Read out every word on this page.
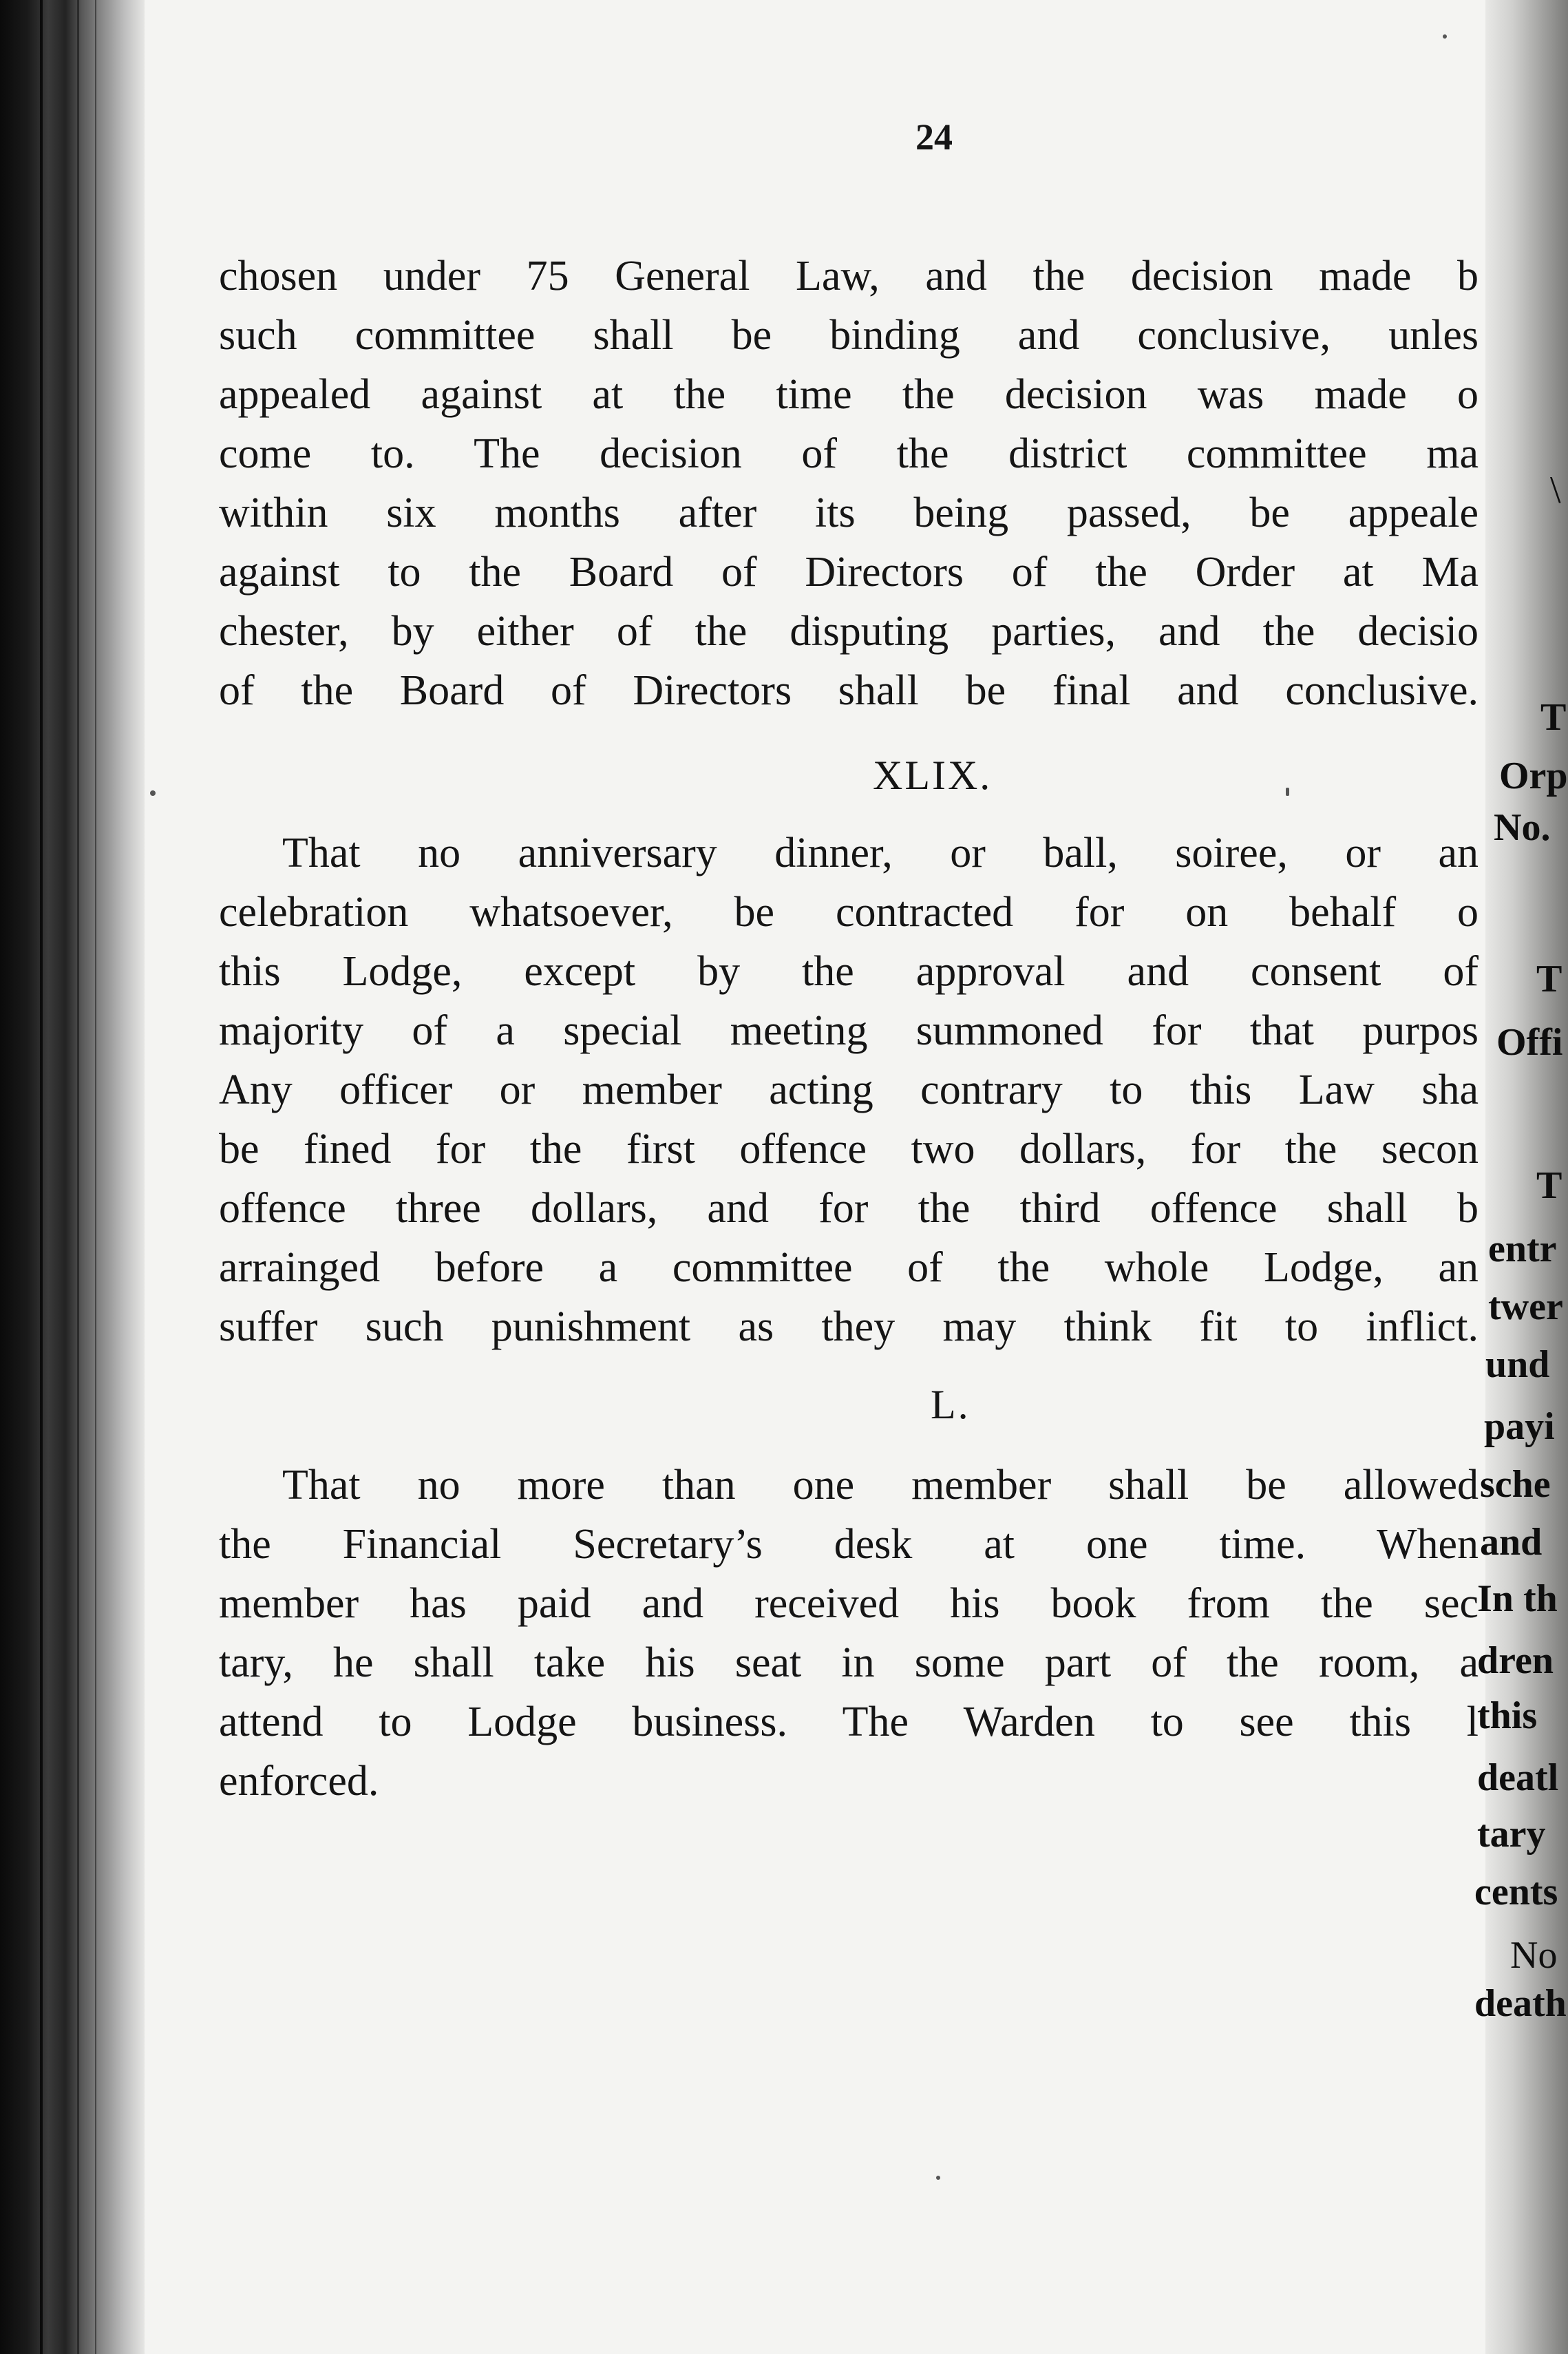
24
chosen under 75 General Law, and the decision made b
such committee shall be binding and conclusive, unles
appealed against at the time the decision was made o
come to. The decision of the district committee ma
within six months after its being passed, be appeale
against to the Board of Directors of the Order at Ma
chester, by either of the disputing parties, and the decisio
of the Board of Directors shall be final and conclusive.
XLIX.
That no anniversary dinner, or ball, soiree, or an
celebration whatsoever, be contracted for on behalf o
this Lodge, except by the approval and consent of
majority of a special meeting summoned for that purpos
Any officer or member acting contrary to this Law sha
be fined for the first offence two dollars, for the secon
offence three dollars, and for the third offence shall b
arrainged before a committee of the whole Lodge, an
suffer such punishment as they may think fit to inflict.
L.
That no more than one member shall be allowed
the Financial Secretary’s desk at one time. When
member has paid and received his book from the sec
tary, he shall take his seat in some part of the room, a
attend to Lodge business. The Warden to see this l
enforced.
\
T
Orp
No.
T
Offi
T
entr
twer
und
payi
sche
and
In th
dren
this
deatl
tary
cents
No
death
